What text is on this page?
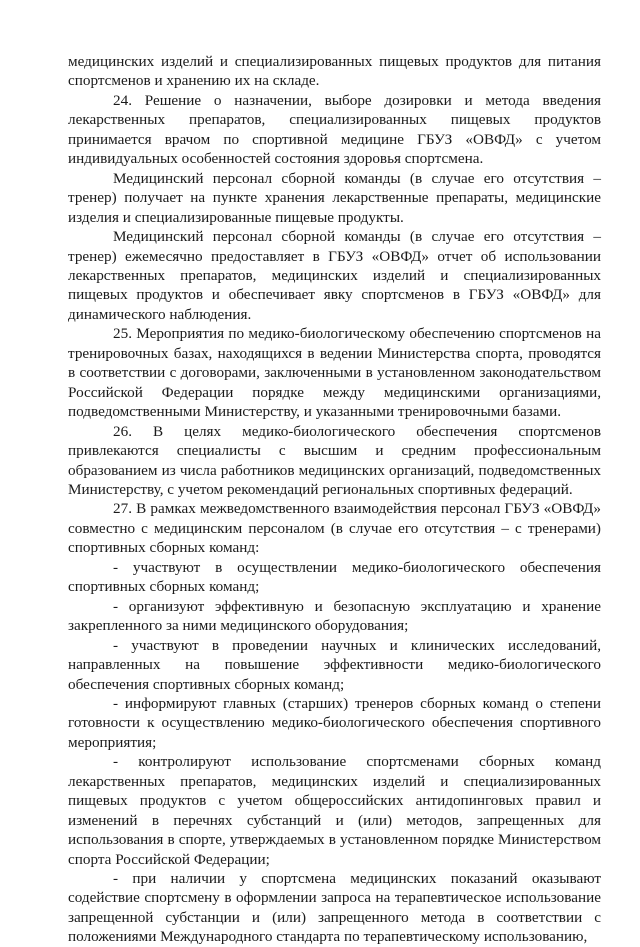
медицинских изделий и специализированных пищевых продуктов для питания спортсменов и хранению их на складе.

24. Решение о назначении, выборе дозировки и метода введения лекарственных препаратов, специализированных пищевых продуктов принимается врачом по спортивной медицине ГБУЗ «ОВФД» с учетом индивидуальных особенностей состояния здоровья спортсмена.

Медицинский персонал сборной команды (в случае его отсутствия – тренер) получает на пункте хранения лекарственные препараты, медицинские изделия и специализированные пищевые продукты.

Медицинский персонал сборной команды (в случае его отсутствия – тренер) ежемесячно предоставляет в ГБУЗ «ОВФД» отчет об использовании лекарственных препаратов, медицинских изделий и специализированных пищевых продуктов и обеспечивает явку спортсменов в ГБУЗ «ОВФД» для динамического наблюдения.

25. Мероприятия по медико-биологическому обеспечению спортсменов на тренировочных базах, находящихся в ведении Министерства спорта, проводятся в соответствии с договорами, заключенными в установленном законодательством Российской Федерации порядке между медицинскими организациями, подведомственными Министерству, и указанными тренировочными базами.

26. В целях медико-биологического обеспечения спортсменов привлекаются специалисты с высшим и средним профессиональным образованием из числа работников медицинских организаций, подведомственных Министерству, с учетом рекомендаций региональных спортивных федераций.

27. В рамках межведомственного взаимодействия персонал ГБУЗ «ОВФД» совместно с медицинским персоналом (в случае его отсутствия – с тренерами) спортивных сборных команд:

- участвуют в осуществлении медико-биологического обеспечения спортивных сборных команд;

- организуют эффективную и безопасную эксплуатацию и хранение закрепленного за ними медицинского оборудования;

- участвуют в проведении научных и клинических исследований, направленных на повышение эффективности медико-биологического обеспечения спортивных сборных команд;

- информируют главных (старших) тренеров сборных команд о степени готовности к осуществлению медико-биологического обеспечения спортивного мероприятия;

- контролируют использование спортсменами сборных команд лекарственных препаратов, медицинских изделий и специализированных пищевых продуктов с учетом общероссийских антидопинговых правил и изменений в перечнях субстанций и (или) методов, запрещенных для использования в спорте, утверждаемых в установленном порядке Министерством спорта Российской Федерации;

- при наличии у спортсмена медицинских показаний оказывают содействие спортсмену в оформлении запроса на терапевтическое использование запрещенной субстанции и (или) запрещенного метода в соответствии с положениями Международного стандарта по терапевтическому использованию,
